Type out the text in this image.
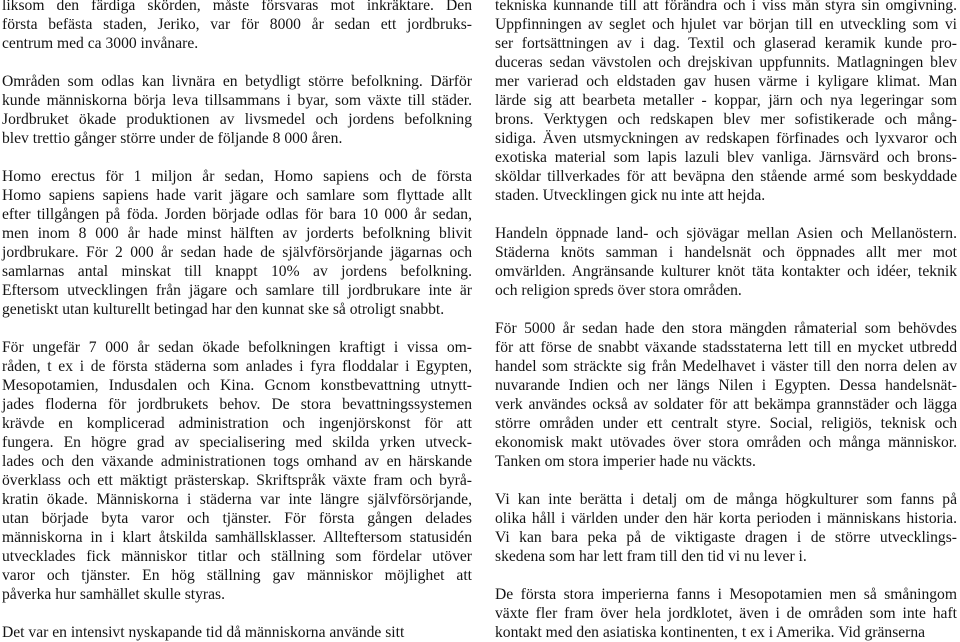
liksom den färdiga skörden, måste försvaras mot inkräktare. Den
första befästa staden, Jeriko, var för 8000 år sedan ett jordbruks-
centrum med ca 3000 invånare.
Områden som odlas kan livnära en betydligt större befolkning. Därför
kunde människorna börja leva tillsammans i byar, som växte till städer.
Jordbruket ökade produktionen av livsmedel och jordens befolkning
blev trettio gånger större under de följande 8 000 åren.
Homo erectus för 1 miljon år sedan, Homo sapiens och de första
Homo sapiens sapiens hade varit jägare och samlare som flyttade allt
efter tillgången på föda. Jorden började odlas för bara 10 000 år sedan,
men inom 8 000 år hade minst hälften av jorderts befolkning blivit
jordbrukare. För 2 000 år sedan hade de självförsörjande jägarnas och
samlarnas antal minskat till knappt 10% av jordens befolkning.
Eftersom utvecklingen från jägare och samlare till jordbrukare inte är
genetiskt utan kulturellt betingad har den kunnat ske så otroligt snabbt.
För ungefär 7 000 år sedan ökade befolkningen kraftigt i vissa om-
råden, t ex i de första städerna som anlades i fyra floddalar i Egypten,
Mesopotamien, Indusdalen och Kina. Gcnom konstbevattning utnytt-
jades floderna för jordbrukets behov. De stora bevattningssystemen
krävde en komplicerad administration och ingenjörskonst för att
fungera. En högre grad av specialisering med skilda yrken utveck-
lades och den växande administrationen togs omhand av en härskande
överklass och ett mäktigt prästerskap. Skriftspråk växte fram och byrå-
kratin ökade. Människorna i städerna var inte längre självförsörjande,
utan började byta varor och tjänster. För första gången delades
människorna in i klart åtskilda samhällsklasser. Allteftersom statusidén
utvecklades fick människor titlar och ställning som fördelar utöver
varor och tjänster. En hög ställning gav människor möjlighet att
påverka hur samhället skulle styras.
Det var en intensivt nyskapande tid då människorna använde sitt
tekniska kunnande till att förändra och i viss mån styra sin omgivning.
Uppfinningen av seglet och hjulet var början till en utveckling som vi
ser fortsättningen av i dag. Textil och glaserad keramik kunde pro-
duceras sedan vävstolen och drejskivan uppfunnits. Matlagningen blev
mer varierad och eldstaden gav husen värme i kyligare klimat. Man
lärde sig att bearbeta metaller - koppar, järn och nya legeringar som
brons. Verktygen och redskapen blev mer sofistikerade och mång-
sidiga. Även utsmyckningen av redskapen förfinades och lyxvaror och
exotiska material som lapis lazuli blev vanliga. Järnsvärd och brons-
sköldar tillverkades för att beväpna den stående armé som beskyddade
staden. Utvecklingen gick nu inte att hejda.
Handeln öppnade land- och sjövägar mellan Asien och Mellanöstern.
Städerna knöts samman i handelsnät och öppnades allt mer mot
omvärlden. Angränsande kulturer knöt täta kontakter och idéer, teknik
och religion spreds över stora områden.
För 5000 år sedan hade den stora mängden råmaterial som behövdes
för att förse de snabbt växande stadsstaterna lett till en mycket utbredd
handel som sträckte sig från Medelhavet i väster till den norra delen av
nuvarande Indien och ner längs Nilen i Egypten. Dessa handelsnät-
verk användes också av soldater för att bekämpa grannstäder och lägga
större områden under ett centralt styre. Social, religiös, teknisk och
ekonomisk makt utövades över stora områden och många människor.
Tanken om stora imperier hade nu väckts.
Vi kan inte berätta i detalj om de många högkulturer som fanns på
olika håll i världen under den här korta perioden i människans historia.
Vi kan bara peka på de viktigaste dragen i de större utvecklings-
skedena som har lett fram till den tid vi nu lever i.
De första stora imperierna fanns i Mesopotamien men så småningom
växte fler fram över hela jordklotet, även i de områden som inte haft
kontakt med den asiatiska kontinenten, t ex i Amerika. Vid gränserna
